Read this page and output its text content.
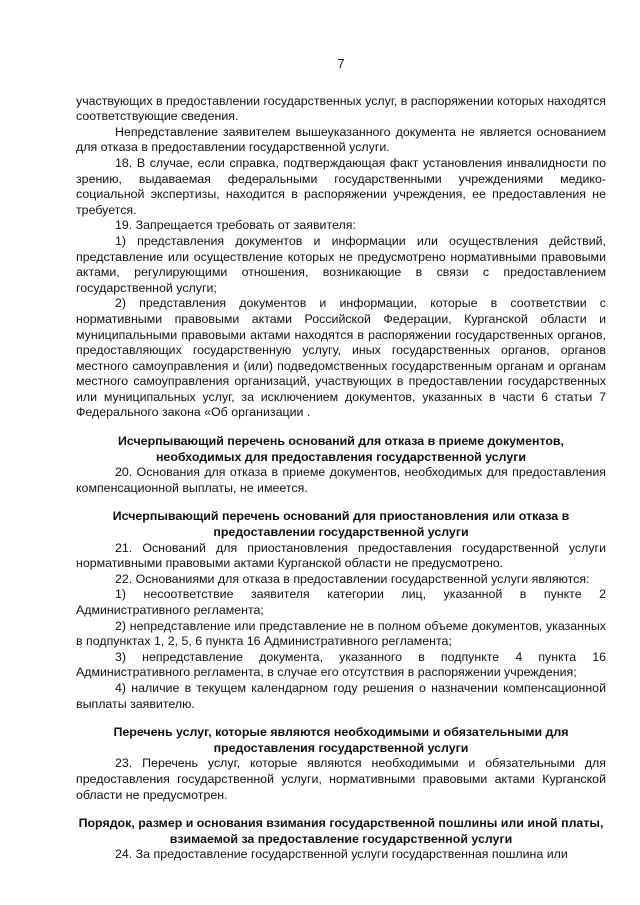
7

участвующих в предоставлении государственных услуг, в распоряжении которых находятся соответствующие сведения.

Непредставление заявителем вышеуказанного документа не является основанием для отказа в предоставлении государственной услуги.

18. В случае, если справка, подтверждающая факт установления инвалидности по зрению, выдаваемая федеральными государственными учреждениями медико-социальной экспертизы, находится в распоряжении учреждения, ее предоставления не требуется.

19. Запрещается требовать от заявителя:

1) представления документов и информации или осуществления действий, представление или осуществление которых не предусмотрено нормативными правовыми актами, регулирующими отношения, возникающие в связи с предоставлением государственной услуги;

2) представления документов и информации, которые в соответствии с нормативными правовыми актами Российской Федерации, Курганской области и муниципальными правовыми актами находятся в распоряжении государственных органов, предоставляющих государственную услугу, иных государственных органов, органов местного самоуправления и (или) подведомственных государственным органам и органам местного самоуправления организаций, участвующих в предоставлении государственных или муниципальных услуг, за исключением документов, указанных в части 6 статьи 7 Федерального закона «Об организации .

Исчерпывающий перечень оснований для отказа в приеме документов, необходимых для предоставления государственной услуги

20. Основания для отказа в приеме документов, необходимых для предоставления компенсационной выплаты, не имеется.

Исчерпывающий перечень оснований для приостановления или отказа в предоставлении государственной услуги

21. Оснований для приостановления предоставления государственной услуги нормативными правовыми актами Курганской области не предусмотрено.

22. Основаниями для отказа в предоставлении государственной услуги являются:

1) несоответствие заявителя категории лиц, указанной в пункте 2 Административного регламента;

2) непредставление или представление не в полном объеме документов, указанных в подпунктах 1, 2, 5, 6 пункта 16 Административного регламента;

3) непредставление документа, указанного в подпункте 4 пункта 16 Административного регламента, в случае его отсутствия в распоряжении учреждения;

4) наличие в текущем календарном году решения о назначении компенсационной выплаты заявителю.

Перечень услуг, которые являются необходимыми и обязательными для предоставления государственной услуги

23. Перечень услуг, которые являются необходимыми и обязательными для предоставления государственной услуги, нормативными правовыми актами Курганской области не предусмотрен.

Порядок, размер и основания взимания государственной пошлины или иной платы, взимаемой за предоставление государственной услуги

24. За предоставление государственной услуги государственная пошлина или
